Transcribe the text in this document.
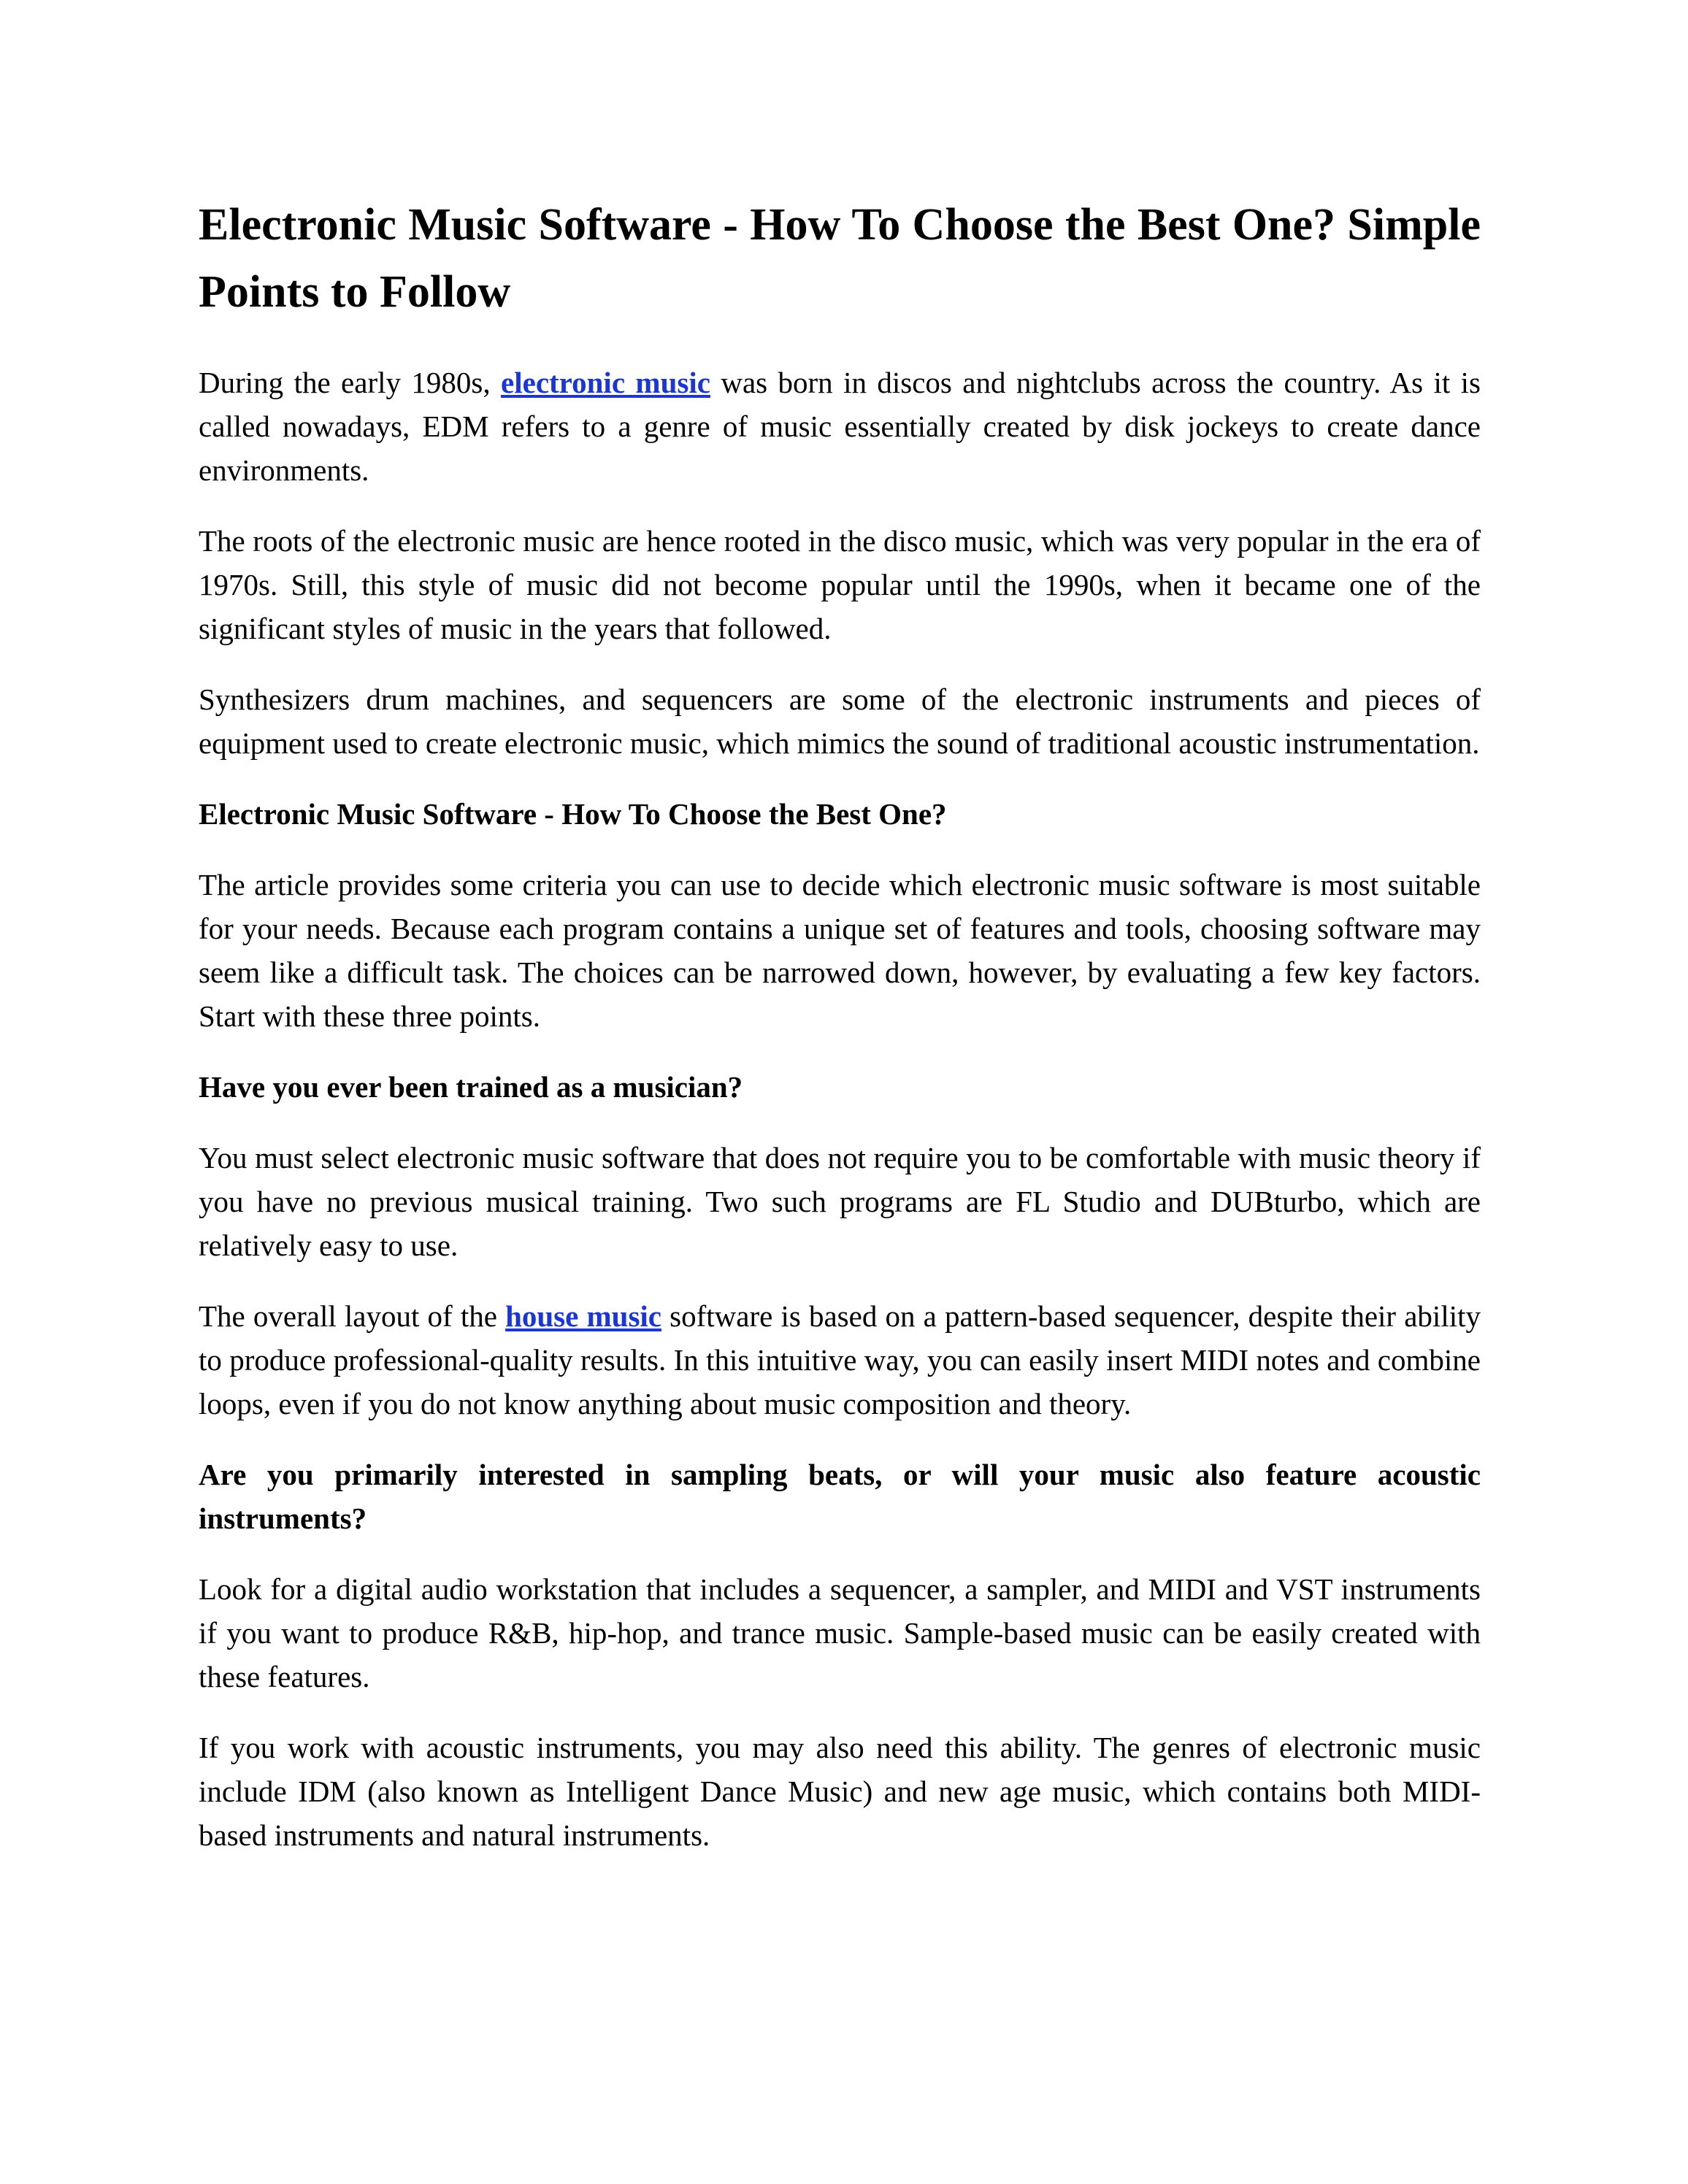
Electronic Music Software - How To Choose the Best One? Simple Points to Follow

During the early 1980s, electronic music was born in discos and nightclubs across the country. As it is called nowadays, EDM refers to a genre of music essentially created by disk jockeys to create dance environments.

The roots of the electronic music are hence rooted in the disco music, which was very popular in the era of 1970s. Still, this style of music did not become popular until the 1990s, when it became one of the significant styles of music in the years that followed.

Synthesizers drum machines, and sequencers are some of the electronic instruments and pieces of equipment used to create electronic music, which mimics the sound of traditional acoustic instrumentation.

Electronic Music Software - How To Choose the Best One?

The article provides some criteria you can use to decide which electronic music software is most suitable for your needs. Because each program contains a unique set of features and tools, choosing software may seem like a difficult task. The choices can be narrowed down, however, by evaluating a few key factors. Start with these three points.

Have you ever been trained as a musician?

You must select electronic music software that does not require you to be comfortable with music theory if you have no previous musical training. Two such programs are FL Studio and DUBturbo, which are relatively easy to use.

The overall layout of the house music software is based on a pattern-based sequencer, despite their ability to produce professional-quality results. In this intuitive way, you can easily insert MIDI notes and combine loops, even if you do not know anything about music composition and theory.

Are you primarily interested in sampling beats, or will your music also feature acoustic instruments?

Look for a digital audio workstation that includes a sequencer, a sampler, and MIDI and VST instruments if you want to produce R&B, hip-hop, and trance music. Sample-based music can be easily created with these features.

If you work with acoustic instruments, you may also need this ability. The genres of electronic music include IDM (also known as Intelligent Dance Music) and new age music, which contains both MIDI-based instruments and natural instruments.
